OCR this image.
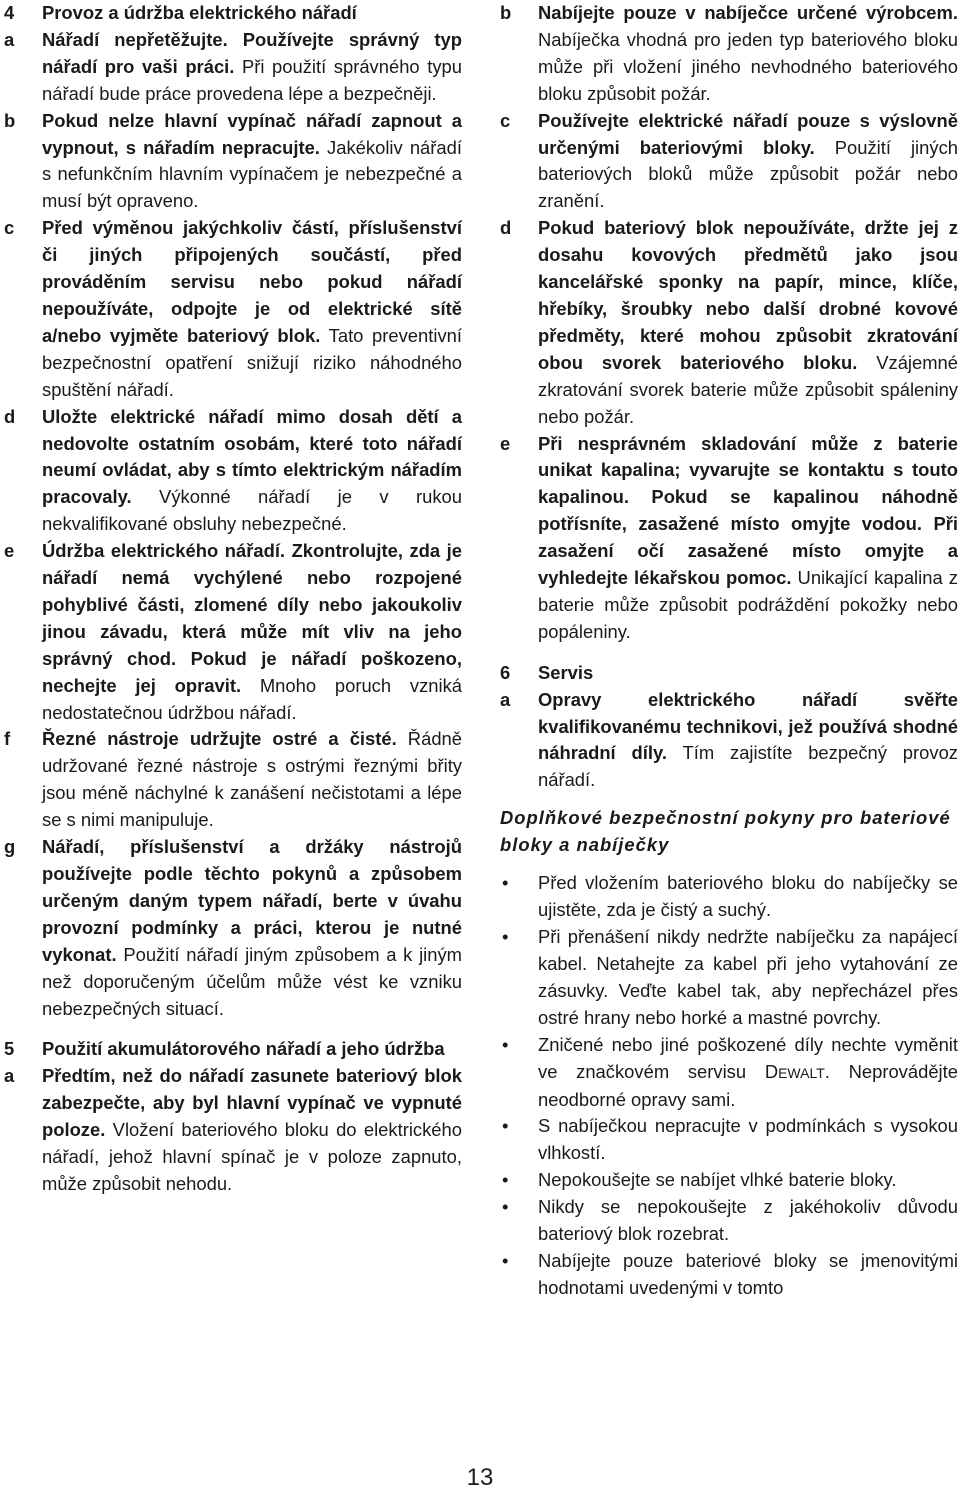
4 Provoz a údržba elektrického nářadí
a Nářadí nepřetěžujte. Používejte správný typ nářadí pro vaši práci. Při použití správného typu nářadí bude práce provedena lépe a bezpečněji.
b Pokud nelze hlavní vypínač nářadí zapnout a vypnout, s nářadím nepracujte. Jakékoliv nářadí s nefunkčním hlavním vypínačem je nebezpečné a musí být opraveno.
c Před výměnou jakýchkoliv částí, příslušenství či jiných připojených součástí, před prováděním servisu nebo pokud nářadí nepoužíváte, odpojte je od elektrické sítě a/nebo vyjměte bateriový blok. Tato preventivní bezpečnostní opatření snižují riziko náhodného spuštění nářadí.
d Uložte elektrické nářadí mimo dosah dětí a nedovolte ostatním osobám, které toto nářadí neumí ovládat, aby s tímto elektrickým nářadím pracovaly. Výkonné nářadí je v rukou nekvalifikované obsluhy nebezpečné.
e Údržba elektrického nářadí. Zkontrolujte, zda je nářadí nemá vychýlené nebo rozpojené pohyblivé části, zlomené díly nebo jakoukoliv jinou závadu, která může mít vliv na jeho správný chod. Pokud je nářadí poškozeno, nechejte jej opravit. Mnoho poruch vzniká nedostatečnou údržbou nářadí.
f Řezné nástroje udržujte ostré a čisté. Řádně udržované řezné nástroje s ostrými řeznými břity jsou méně náchylné k zanášení nečistotami a lépe se s nimi manipuluje.
g Nářadí, příslušenství a držáky nástrojů používejte podle těchto pokynů a způsobem určeným daným typem nářadí, berte v úvahu provozní podmínky a práci, kterou je nutné vykonat. Použití nářadí jiným způsobem a k jiným než doporučeným účelům může vést ke vzniku nebezpečných situací.
5 Použití akumulátorového nářadí a jeho údržba
a Předtím, než do nářadí zasunete bateriový blok zabezpečte, aby byl hlavní vypínač ve vypnuté poloze. Vložení bateriového bloku do elektrického nářadí, jehož hlavní spínač je v poloze zapnuto, může způsobit nehodu.
b Nabíjejte pouze v nabíječce určené výrobcem. Nabíječka vhodná pro jeden typ bateriového bloku může při vložení jiného nevhodného bateriového bloku způsobit požár.
c Používejte elektrické nářadí pouze s výslovně určenými bateriovými bloky. Použití jiných bateriových bloků může způsobit požár nebo zranění.
d Pokud bateriový blok nepoužíváte, držte jej z dosahu kovových předmětů jako jsou kancelářské sponky na papír, mince, klíče, hřebíky, šroubky nebo další drobné kovové předměty, které mohou způsobit zkratování obou svorek bateriového bloku. Vzájemné zkratování svorek baterie může způsobit spáleniny nebo požár.
e Při nesprávném skladování může z baterie unikat kapalina; vyvarujte se kontaktu s touto kapalinou. Pokud se kapalinou náhodně potřísníte, zasažené místo omyjte vodou. Při zasažení očí zasažené místo omyjte a vyhledejte lékařskou pomoc. Unikající kapalina z baterie může způsobit podráždění pokožky nebo popáleniny.
6 Servis
a Opravy elektrického nářadí svěřte kvalifikovanému technikovi, jež používá shodné náhradní díly. Tím zajistíte bezpečný provoz nářadí.
Doplňkové bezpečnostní pokyny pro bateriové bloky a nabíječky
• Před vložením bateriového bloku do nabíječky se ujistěte, zda je čistý a suchý.
• Při přenášení nikdy nedržte nabíječku za napájecí kabel. Netahejte za kabel při jeho vytahování ze zásuvky. Veďte kabel tak, aby nepřecházel přes ostré hrany nebo horké a mastné povrchy.
• Zničené nebo jiné poškozené díly nechte vyměnit ve značkovém servisu DEWALT. Neprovádějte neodborné opravy sami.
• S nabíječkou nepracujte v podmínkách s vysokou vlhkostí.
• Nepokoušejte se nabíjet vlhké baterie bloky.
• Nikdy se nepokoušejte z jakéhokoliv důvodu bateriový blok rozebrat.
• Nabíjejte pouze bateriové bloky se jmenovitými hodnotami uvedenými v tomto
13
